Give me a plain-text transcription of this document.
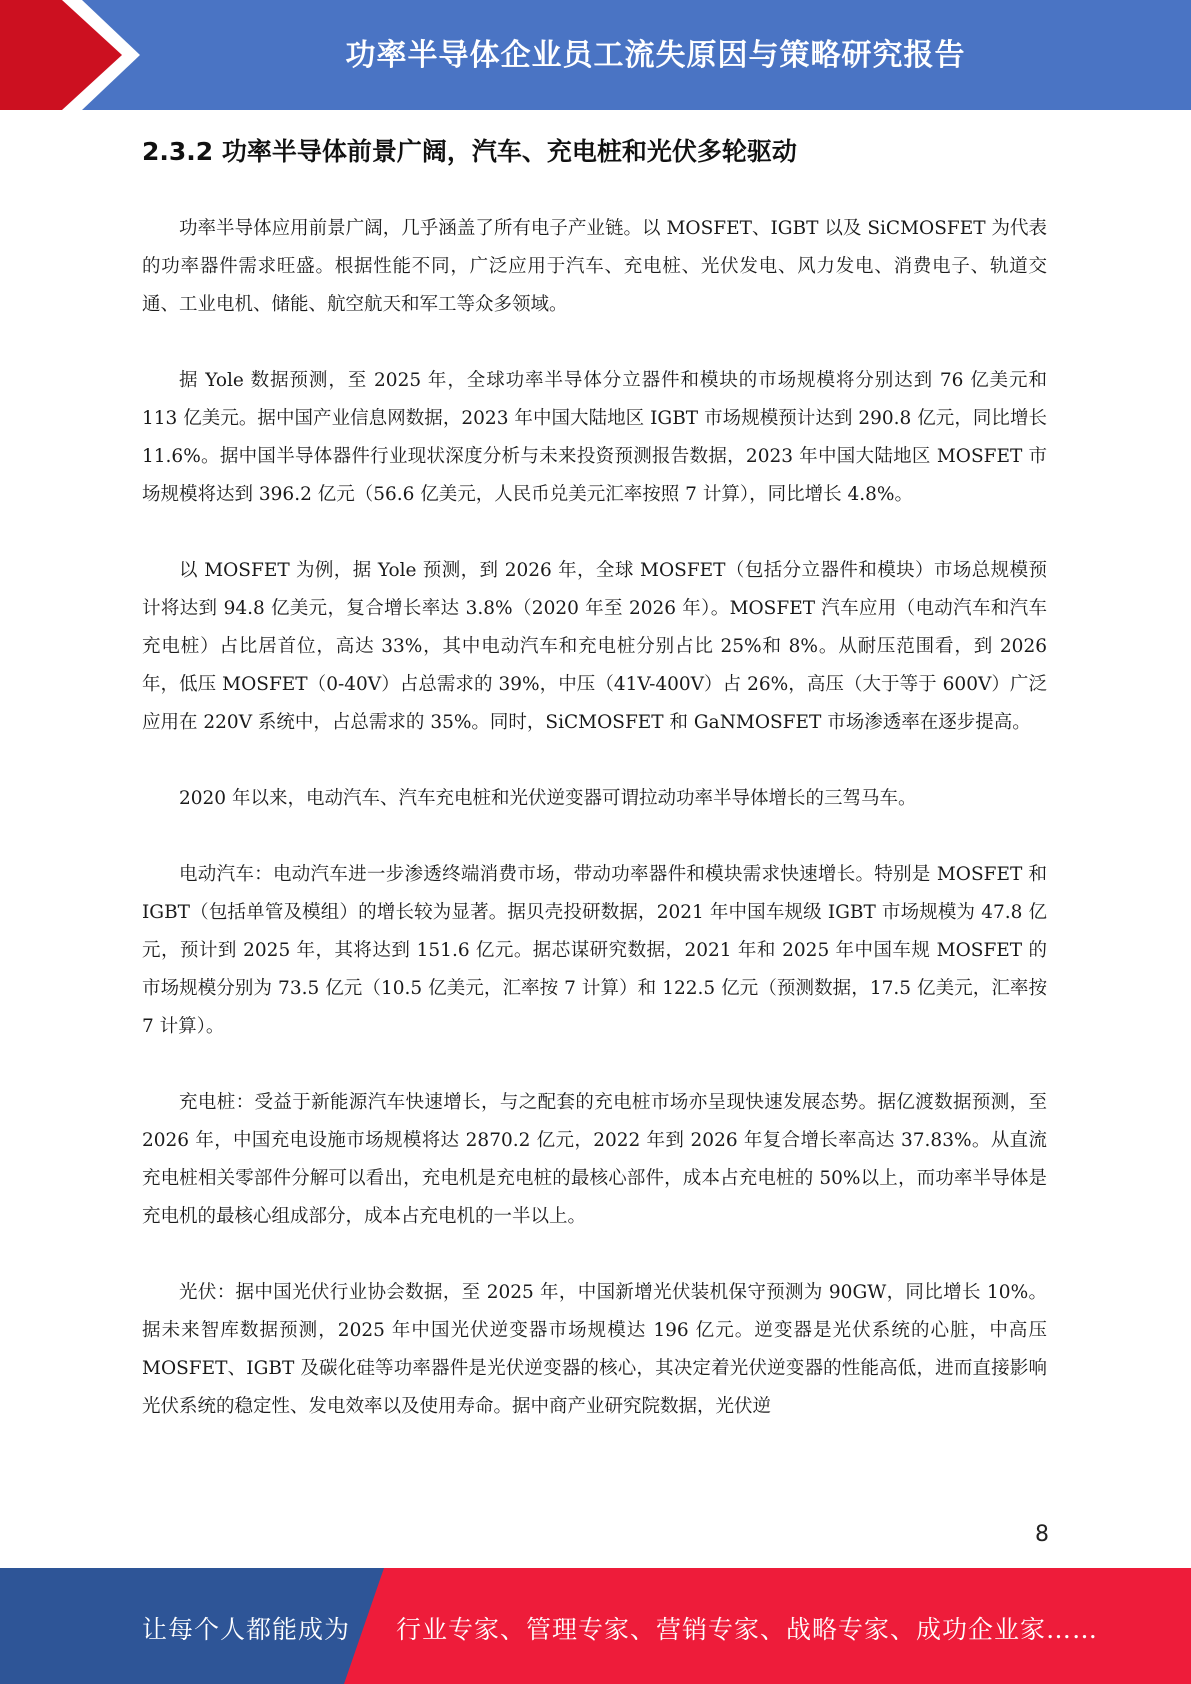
功率半导体企业员工流失原因与策略研究报告
2.3.2 功率半导体前景广阔，汽车、充电桩和光伏多轮驱动

功率半导体应用前景广阔，几乎涵盖了所有电子产业链。以 MOSFET、IGBT 以及 SiCMOSFET 为代表的功率器件需求旺盛。根据性能不同，广泛应用于汽车、充电桩、光伏发电、风力发电、消费电子、轨道交通、工业电机、储能、航空航天和军工等众多领域。

据 Yole 数据预测，至 2025 年，全球功率半导体分立器件和模块的市场规模将分别达到 76 亿美元和 113 亿美元。据中国产业信息网数据，2023 年中国大陆地区 IGBT 市场规模预计达到 290.8 亿元，同比增长 11.6%。据中国半导体器件行业现状深度分析与未来投资预测报告数据，2023 年中国大陆地区 MOSFET 市场规模将达到 396.2 亿元（56.6 亿美元，人民币兑美元汇率按照 7 计算），同比增长 4.8%。

以 MOSFET 为例，据 Yole 预测，到 2026 年，全球 MOSFET（包括分立器件和模块）市场总规模预计将达到 94.8 亿美元，复合增长率达 3.8%（2020 年至 2026 年）。MOSFET 汽车应用（电动汽车和汽车充电桩）占比居首位，高达 33%，其中电动汽车和充电桩分别占比 25%和 8%。从耐压范围看，到 2026 年，低压 MOSFET（0-40V）占总需求的 39%，中压（41V-400V）占 26%，高压（大于等于 600V）广泛应用在 220V 系统中，占总需求的 35%。同时，SiCMOSFET 和 GaNMOSFET 市场渗透率在逐步提高。

2020 年以来，电动汽车、汽车充电桩和光伏逆变器可谓拉动功率半导体增长的三驾马车。

电动汽车：电动汽车进一步渗透终端消费市场，带动功率器件和模块需求快速增长。特别是 MOSFET 和 IGBT（包括单管及模组）的增长较为显著。据贝壳投研数据，2021 年中国车规级 IGBT 市场规模为 47.8 亿元，预计到 2025 年，其将达到 151.6 亿元。据芯谋研究数据，2021 年和 2025 年中国车规 MOSFET 的市场规模分别为 73.5 亿元（10.5 亿美元，汇率按 7 计算）和 122.5 亿元（预测数据，17.5 亿美元，汇率按 7 计算）。

充电桩：受益于新能源汽车快速增长，与之配套的充电桩市场亦呈现快速发展态势。据亿渡数据预测，至 2026 年，中国充电设施市场规模将达 2870.2 亿元，2022 年到 2026 年复合增长率高达 37.83%。从直流充电桩相关零部件分解可以看出，充电机是充电桩的最核心部件，成本占充电桩的 50%以上，而功率半导体是充电机的最核心组成部分，成本占充电机的一半以上。

光伏：据中国光伏行业协会数据，至 2025 年，中国新增光伏装机保守预测为 90GW，同比增长 10%。据未来智库数据预测，2025 年中国光伏逆变器市场规模达 196 亿元。逆变器是光伏系统的心脏，中高压 MOSFET、IGBT 及碳化硅等功率器件是光伏逆变器的核心，其决定着光伏逆变器的性能高低，进而直接影响光伏系统的稳定性、发电效率以及使用寿命。据中商产业研究院数据，光伏逆

8
让每个人都能成为 行业专家、管理专家、营销专家、战略专家、成功企业家……
